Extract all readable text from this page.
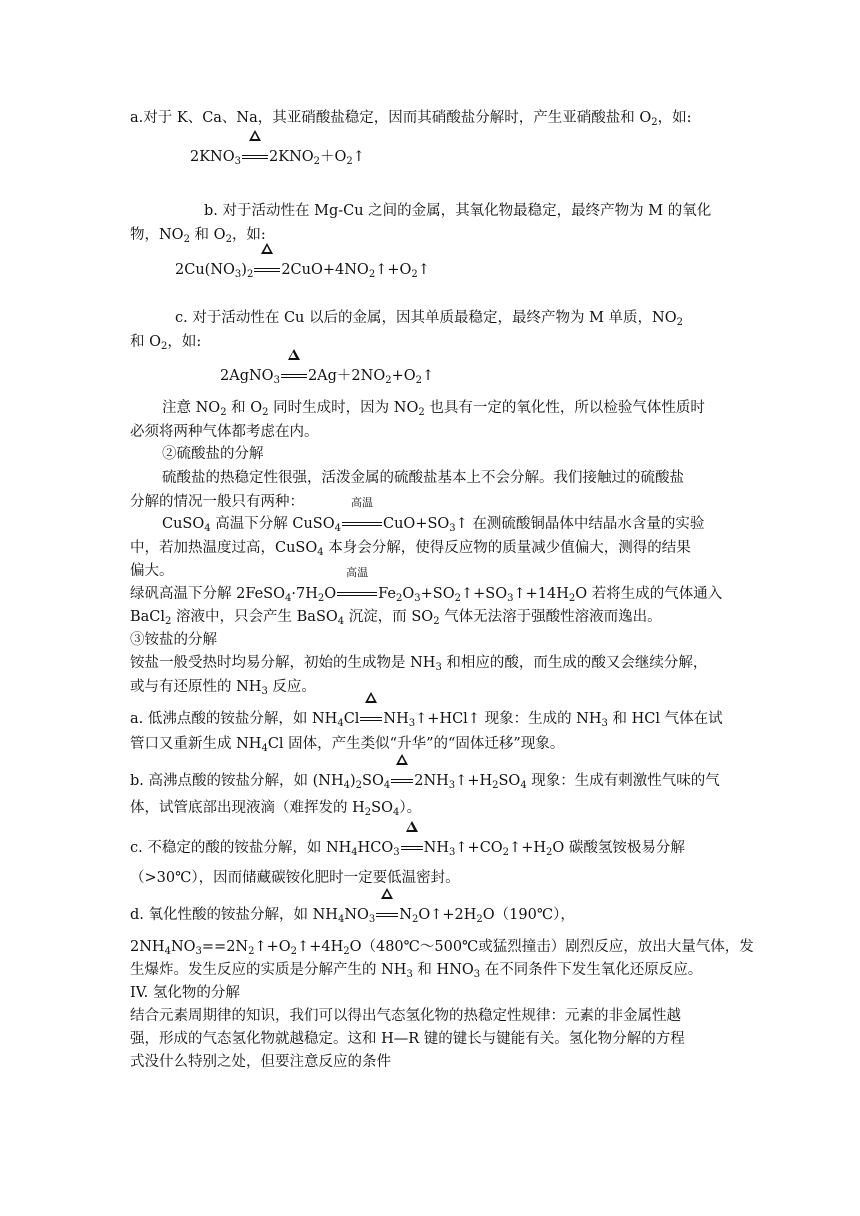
a.对于 K、Ca、Na，其亚硝酸盐稳定，因而其硝酸盐分解时，产生亚硝酸盐和 $O_2$，如:
$2KNO_3$ $2KNO_2+O_2↑$
b. 对于活动性在 Mg-Cu 之间的金属，其氧化物最稳定，最终产物为 M 的氧化
物，$NO_2$ 和 $O_2$，如:
$2Cu(NO_3)_2$ $2CuO+4NO_2↑+O_2↑$
c. 对于活动性在 Cu 以后的金属，因其单质最稳定，最终产物为 M 单质，$NO_2$
和 $O_2$，如:
2AgNO$_3$ $2Ag+2NO_2+O_2↑$
注意 $NO_2$ 和 $O_2$ 同时生成时，因为 $NO_2$ 也具有一定的氧化性，所以检验气体性质时
必须将两种气体都考虑在内。
②硫酸盐的分解
硫酸盐的热稳定性很强，活泼金属的硫酸盐基本上不会分解。我们接触过的硫酸盐
分解的情况一般只有两种：
CuSO$_4$ 高温下分解 CuSO$_4$
高温
$CuO+SO_3↑$ 在测硫酸铜晶体中结晶水含量的实验
中，若加热温度过高，CuSO$_4$ 本身会分解，使得反应物的质量减少值偏大，测得的结果
偏大。
绿矾高温下分解 $2FeSO_4\cdot 7H_2O$
高温
$Fe_2O_3+SO_2↑+SO_3↑+14H_2O$ 若将生成的气体通入
BaCl$_2$ 溶液中，只会产生 BaSO$_4$ 沉淀，而 $SO_2$ 气体无法溶于强酸性溶液而逸出。
③铵盐的分解
铵盐一般受热时均易分解，初始的生成物是 $NH_3$ 和相应的酸，而生成的酸又会继续分解，
或与有还原性的 $NH_3$ 反应。
a. 低沸点酸的铵盐分解，如 $NH_4Cl$ $NH_3↑+HCl↑$ 现象：生成的 $NH_3$ 和 HCl 气体在试
管口又重新生成 $NH_4Cl$ 固体，产生类似“升华”的“固体迁移”现象。
b. 高沸点酸的铵盐分解，如 $(NH_4)_2SO_4$ $2NH_3↑+H_2SO_4$ 现象：生成有刺激性气味的气
体，试管底部出现液滴（难挥发的 $H_2SO_4$）。
c. 不稳定的酸的铵盐分解，如 $NH_4HCO_3$ $NH_3↑+CO_2↑+H_2O$ 碳酸氢铵极易分解
（>30℃），因而储藏碳铵化肥时一定要低温密封。
d. 氧化性酸的铵盐分解，如 $NH_4NO_3$ $N_2O↑+2H_2O(190℃)$，
$2NH_4NO_3==2N_2↑+O_2↑+4H_2O(480℃\sim 500℃$或猛烈撞击）剧烈反应，放出大量气体，发
生爆炸。发生反应的实质是分解产生的 $NH_3$ 和 $HNO_3$ 在不同条件下发生氧化还原反应。
IV. 氢化物的分解
结合元素周期律的知识，我们可以得出气态氢化物的热稳定性规律：元素的非金属性越
强，形成的气态氢化物就越稳定。这和 H—R 键的键长与键能有关。氢化物分解的方程
式没什么特别之处，但要注意反应的条件
